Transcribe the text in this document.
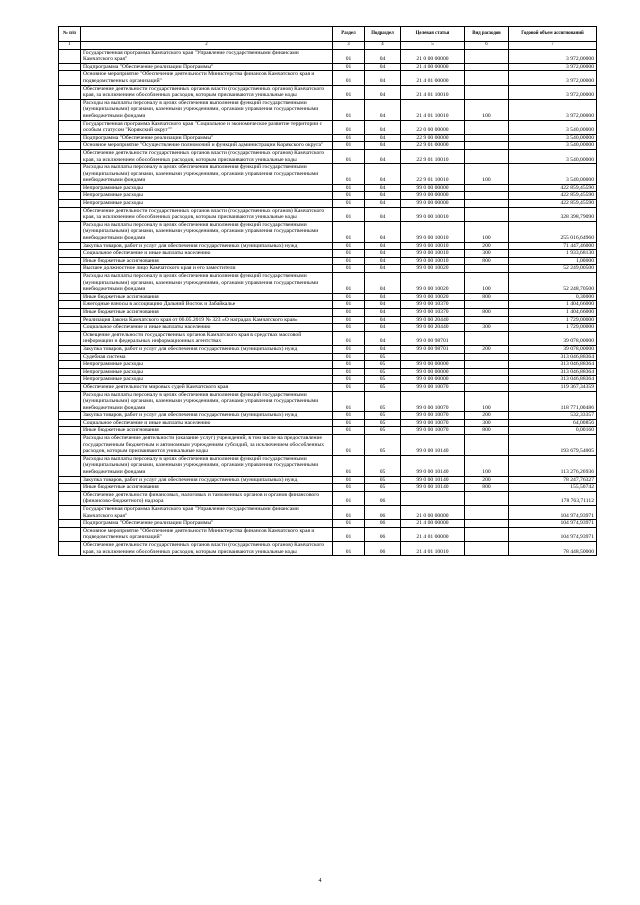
№ п/п		Раздел	Подраздел	Целевая статья	Вид расходов	Годовой объем ассигнований
1	2	3	4	5	6	7
	Государственная программа Камчатского края "Управление государственными финансами Камчатского края"	01	04	21 0 00 00000		3 972,00000
	Подпрограмма "Обеспечение реализации Программы"	01	04	21 4 00 00000		3 972,00000
	Основное мероприятие "Обеспечение деятельности Министерства финансов Камчатского края и подведомственных организаций"	01	04	21 4 01 00000		3 972,00000
	Обеспечение деятельности государственных органов власти (государственных органов) Камчатского края, за исключением обособленных расходов, которым присваиваются уникальные коды	01	04	21 4 01 10010		3 972,00000
	Расходы на выплаты персоналу в целях обеспечения выполнения функций государственными (муниципальными) органами, казенными учреждениями, органами управления государственными внебюджетными фондами	01	04	21 4 01 10010	100	3 972,00000
	Государственная программа Камчатского края "Социальное и экономическое развитие территории с особым статусом "Корякский округ""	01	04	22 0 00 00000		3 540,00000
	Подпрограмма "Обеспечение реализации Программы"	01	04	22 9 00 00000		3 540,00000
	Основное мероприятие "Осуществление полномочий и функций администрации Корякского округа"	01	04	22 9 01 00000		3 540,00000
	Обеспечение деятельности государственных органов власти (государственных органов) Камчатского края, за исключением обособленных расходов, которым присваиваются уникальные коды	01	04	22 9 01 10010		3 540,00000
	Расходы на выплаты персоналу в целях обеспечения выполнения функций государственными (муниципальными) органами, казенными учреждениями, органами управления государственными внебюджетными фондами	01	04	22 9 01 10010	100	3 540,00000
	Непрограммные расходы	01	04	99 0 00 00000		422 859,45590
	Непрограммные расходы	01	04	99 0 00 00000		422 859,45590
	Непрограммные расходы	01	04	99 0 00 00000		422 859,45590
	Обеспечение деятельности государственных органов власти (государственных органов) Камчатского края, за исключением обособленных расходов, которым присваиваются уникальные коды	01	04	99 0 00 10010		328 398,79090
	Расходы на выплаты персоналу в целях обеспечения выполнения функций государственными (муниципальными) органами, казенными учреждениями, органами управления государственными внебюджетными фондами	01	04	99 0 00 10010	100	255 016,64960
	Закупка товаров, работ и услуг для обеспечения государственных (муниципальных) нужд	01	04	99 0 00 10010	200	71 447,46000
	Социальное обеспечение и иные выплаты населению	01	04	99 0 00 10010	300	1 933,68130
	Иные бюджетные ассигнования	01	04	99 0 00 10010	800	1,00000
	Высшее должностное лицо Камчатского края и его заместители	01	04	99 0 00 10020		52 249,00500
	Расходы на выплаты персоналу в целях обеспечения выполнения функций государственными (муниципальными) органами, казенными учреждениями, органами управления государственными внебюджетными фондами	01	04	99 0 00 10020	100	52 248,70500
	Иные бюджетные ассигнования	01	04	99 0 00 10020	800	0,30000
	Ежегодные взносы в ассоциацию Дальний Восток и Забайкалье	01	04	99 0 00 10370		1 404,66000
	Иные бюджетные ассигнования	01	04	99 0 00 10370	800	1 404,66000
	Реализация Закона Камчатского края от 06.05.2019 № 323 «О наградах Камчатского края»	01	04	99 0 00 20440		1 729,00000
	Социальное обеспечение и иные выплаты населению	01	04	99 0 00 20440	300	1 729,00000
	Освещение деятельности государственных органов Камчатского края в средствах массовой информации и федеральных информационных агентствах	01	04	99 0 00 98701		39 078,00000
	Закупка товаров, работ и услуг для обеспечения государственных (муниципальных) нужд	01	04	99 0 00 98701	200	39 078,00000
	Судебная система	01	05			313 046,88364
	Непрограммные расходы	01	05	99 0 00 00000		313 046,88364
	Непрограммные расходы	01	05	99 0 00 00000		313 046,88364
	Непрограммные расходы	01	05	99 0 00 00000		313 046,88364
	Обеспечение деятельности мировых судей Камчатского края	01	05	99 0 00 10070		119 367,34359
	Расходы на выплаты персоналу в целях обеспечения выполнения функций государственными (муниципальными) органами, казенными учреждениями, органами управления государственными внебюджетными фондами	01	05	99 0 00 10070	100	118 771,00486
	Закупка товаров, работ и услуг для обеспечения государственных (муниципальных) нужд	01	05	99 0 00 10070	200	532,33357
	Социальное обеспечение и иные выплаты населению	01	05	99 0 00 10070	300	64,00856
	Иные бюджетные ассигнования	01	05	99 0 00 10070	800	0,00160
	Расходы на обеспечение деятельности (оказание услуг) учреждений, в том числе на предоставление государственным бюджетным и автономным учреждениям субсидий, за исключением обособленных расходов, которым присваиваются уникальные коды	01	05	99 0 00 10140		193 679,54005
	Расходы на выплаты персоналу в целях обеспечения выполнения функций государственными (муниципальными) органами, казенными учреждениями, органами управления государственными внебюджетными фондами	01	05	99 0 00 10140	100	113 276,26936
	Закупка товаров, работ и услуг для обеспечения государственных (муниципальных) нужд	01	05	99 0 00 10140	200	78 247,76327
	Иные бюджетные ассигнования	01	05	99 0 00 10140	800	155,50742
	Обеспечение деятельности финансовых, налоговых и таможенных органов и органов финансового (финансово-бюджетного) надзора	01	06			178 763,71112
	Государственная программа Камчатского края "Управление государственными финансами Камчатского края"	01	06	21 0 00 00000		104 974,93971
	Подпрограмма "Обеспечение реализации Программы"	01	06	21 4 00 00000		104 974,93971
	Основное мероприятие "Обеспечение деятельности Министерства финансов Камчатского края и подведомственных организаций"	01	06	21 4 01 00000		104 974,93971
	Обеспечение деятельности государственных органов власти (государственных органов) Камчатского края, за исключением обособленных расходов, которым присваиваются уникальные коды	01	06	21 4 01 10010		78 448,50000
4
